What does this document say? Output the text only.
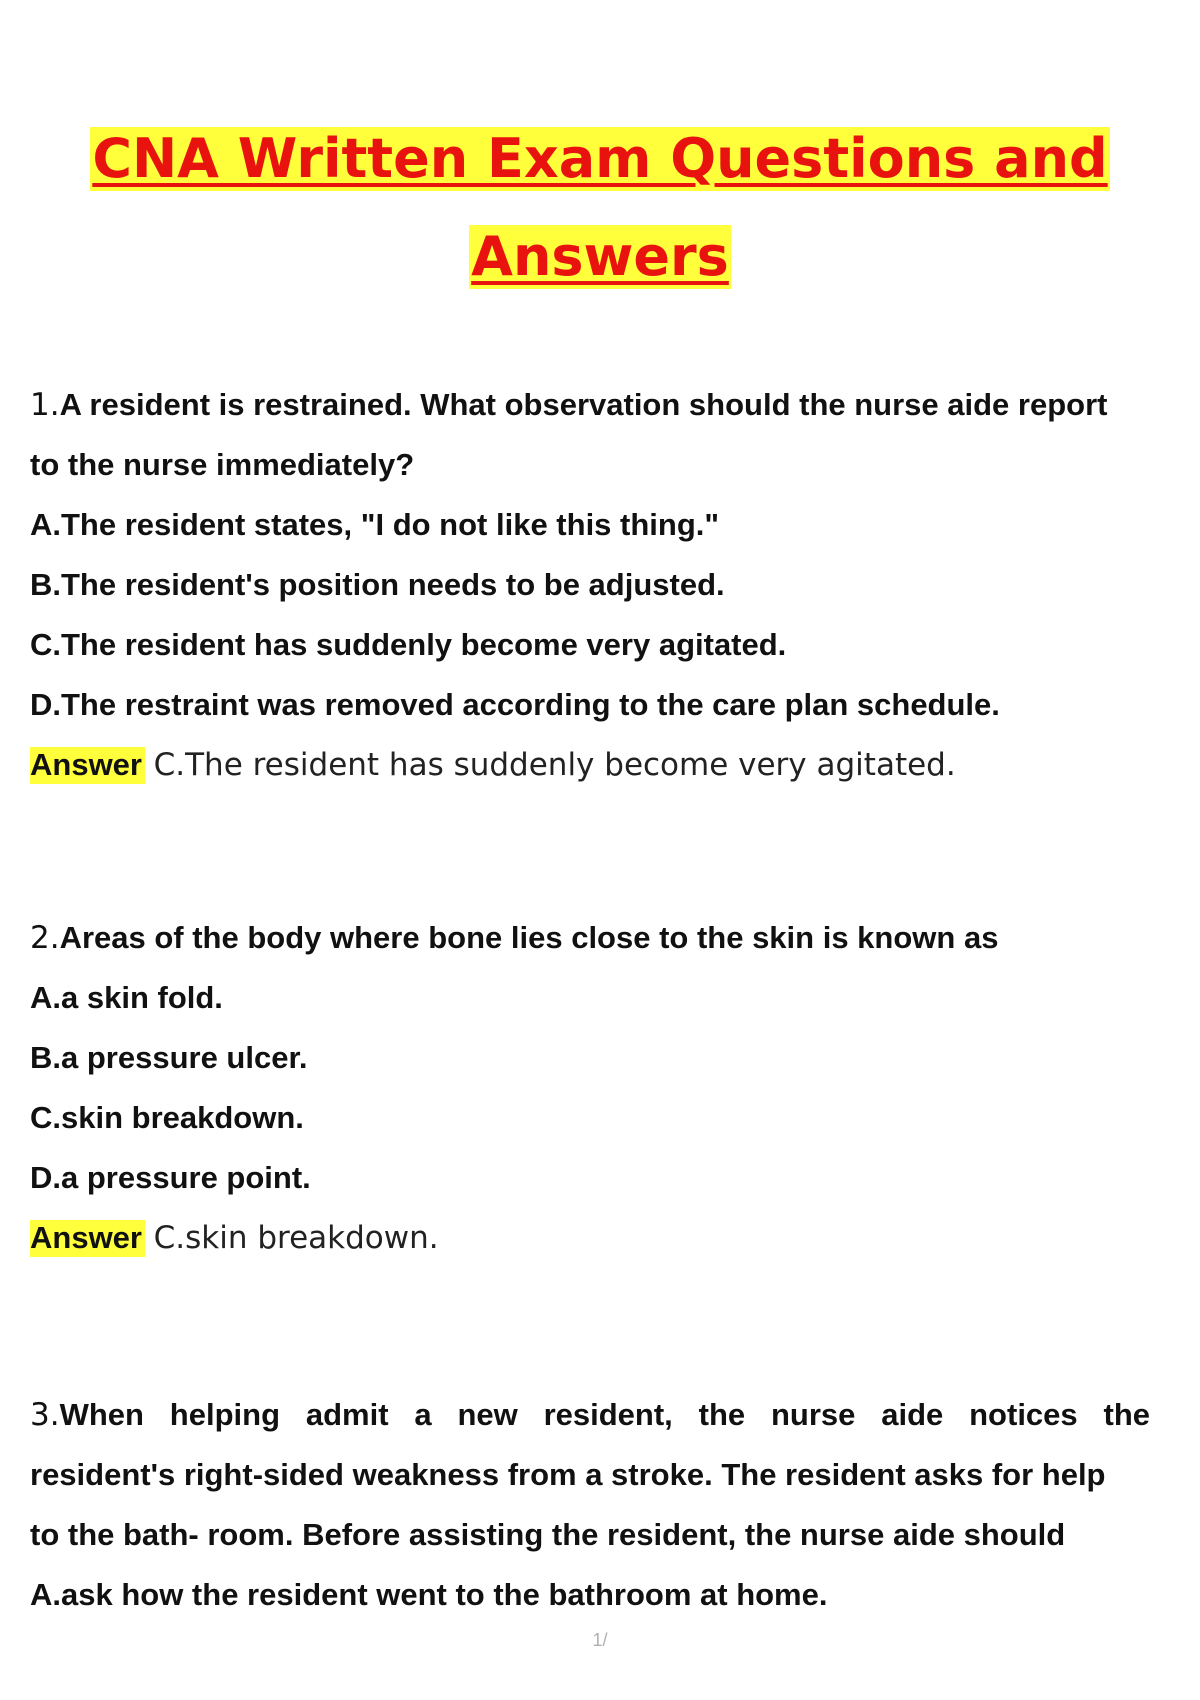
CNA Written Exam Questions and
Answers

1.A resident is restrained. What observation should the nurse aide report

to the nurse immediately?

A.The resident states, "I do not like this thing."

B.The resident's position needs to be adjusted.

C.The resident has suddenly become very agitated.

D.The restraint was removed according to the care plan schedule.

Answer C.The resident has suddenly become very agitated.

2.Areas of the body where bone lies close to the skin is known as

A.a skin fold.

B.a pressure ulcer.

C.skin breakdown.

D.a pressure point.

Answer C.skin breakdown.

3.When helping admit a new resident, the nurse aide notices the

resident's right-sided weakness from a stroke. The resident asks for help

to the bath- room. Before assisting the resident, the nurse aide should

A.ask how the resident went to the bathroom at home.

1/
